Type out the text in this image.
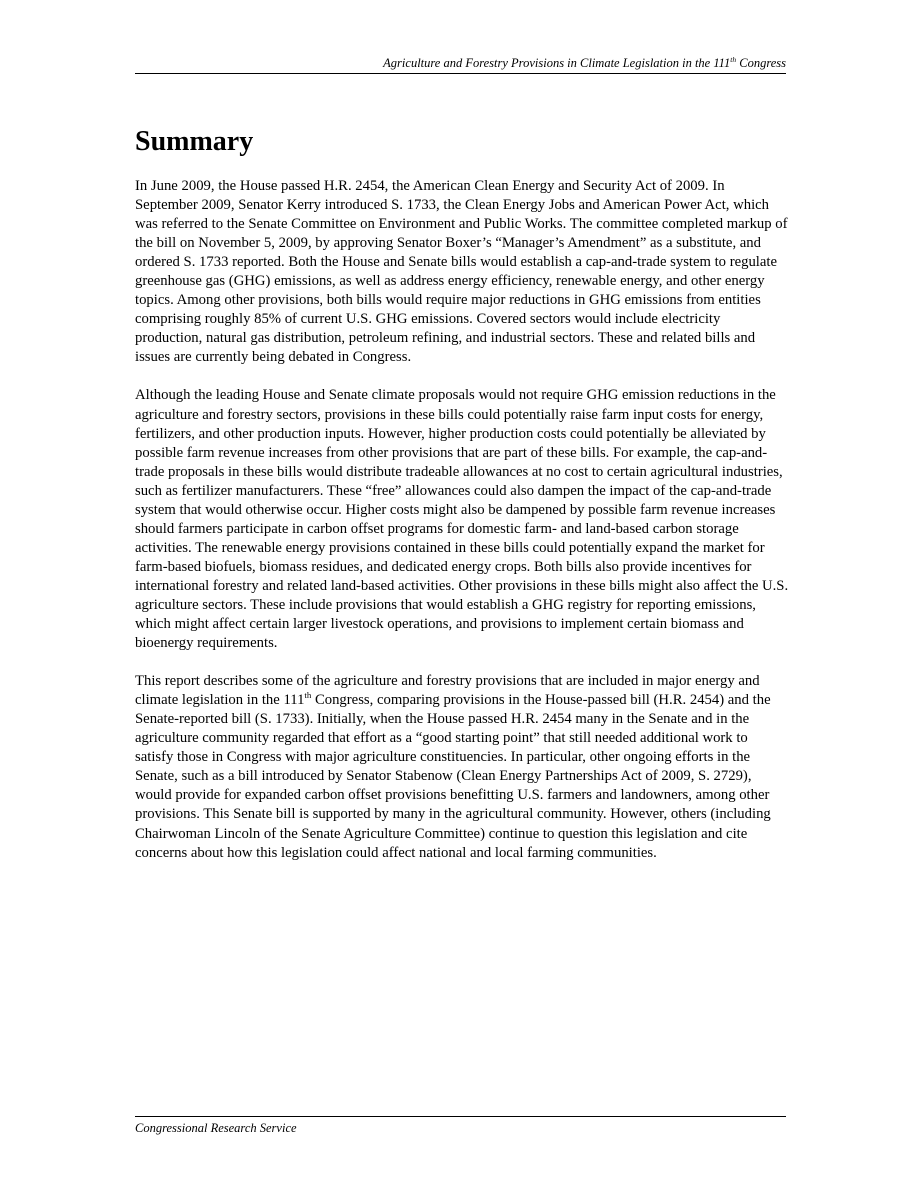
Agriculture and Forestry Provisions in Climate Legislation in the 111th Congress
Summary

In June 2009, the House passed H.R. 2454, the American Clean Energy and Security Act of 2009. In September 2009, Senator Kerry introduced S. 1733, the Clean Energy Jobs and American Power Act, which was referred to the Senate Committee on Environment and Public Works. The committee completed markup of the bill on November 5, 2009, by approving Senator Boxer’s “Manager’s Amendment” as a substitute, and ordered S. 1733 reported. Both the House and Senate bills would establish a cap-and-trade system to regulate greenhouse gas (GHG) emissions, as well as address energy efficiency, renewable energy, and other energy topics. Among other provisions, both bills would require major reductions in GHG emissions from entities comprising roughly 85% of current U.S. GHG emissions. Covered sectors would include electricity production, natural gas distribution, petroleum refining, and industrial sectors. These and related bills and issues are currently being debated in Congress.

Although the leading House and Senate climate proposals would not require GHG emission reductions in the agriculture and forestry sectors, provisions in these bills could potentially raise farm input costs for energy, fertilizers, and other production inputs. However, higher production costs could potentially be alleviated by possible farm revenue increases from other provisions that are part of these bills. For example, the cap-and-trade proposals in these bills would distribute tradeable allowances at no cost to certain agricultural industries, such as fertilizer manufacturers. These “free” allowances could also dampen the impact of the cap-and-trade system that would otherwise occur. Higher costs might also be dampened by possible farm revenue increases should farmers participate in carbon offset programs for domestic farm- and land-based carbon storage activities. The renewable energy provisions contained in these bills could potentially expand the market for farm-based biofuels, biomass residues, and dedicated energy crops. Both bills also provide incentives for international forestry and related land-based activities. Other provisions in these bills might also affect the U.S. agriculture sectors. These include provisions that would establish a GHG registry for reporting emissions, which might affect certain larger livestock operations, and provisions to implement certain biomass and bioenergy requirements.

This report describes some of the agriculture and forestry provisions that are included in major energy and climate legislation in the 111th Congress, comparing provisions in the House-passed bill (H.R. 2454) and the Senate-reported bill (S. 1733). Initially, when the House passed H.R. 2454 many in the Senate and in the agriculture community regarded that effort as a “good starting point” that still needed additional work to satisfy those in Congress with major agriculture constituencies. In particular, other ongoing efforts in the Senate, such as a bill introduced by Senator Stabenow (Clean Energy Partnerships Act of 2009, S. 2729), would provide for expanded carbon offset provisions benefitting U.S. farmers and landowners, among other provisions. This Senate bill is supported by many in the agricultural community. However, others (including Chairwoman Lincoln of the Senate Agriculture Committee) continue to question this legislation and cite concerns about how this legislation could affect national and local farming communities.

Congressional Research Service
